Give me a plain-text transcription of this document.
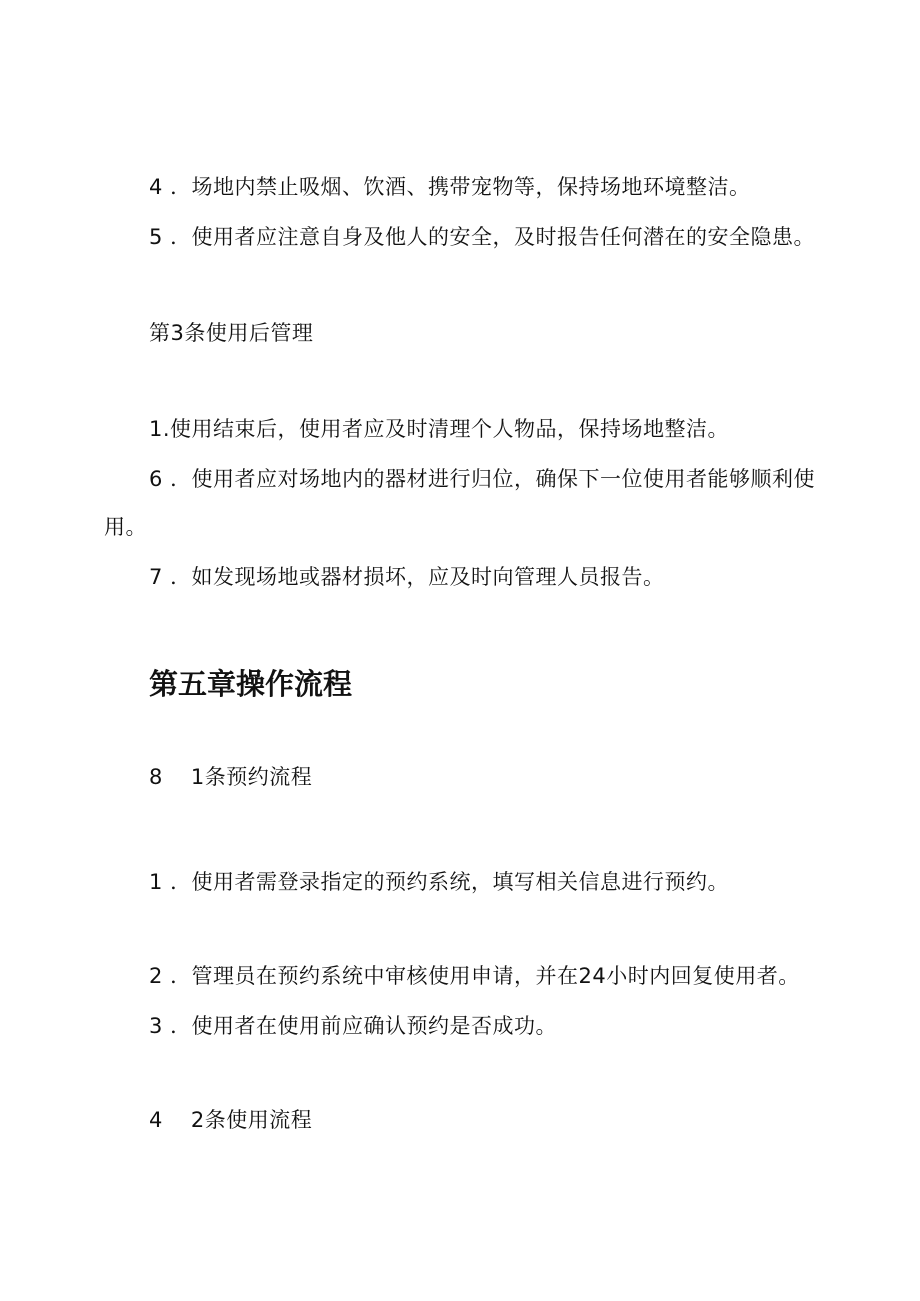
4 ．场地内禁止吸烟、饮酒、携带宠物等，保持场地环境整洁。
5 ．使用者应注意自身及他人的安全，及时报告任何潜在的安全隐患。
第3条使用后管理
1.使用结束后，使用者应及时清理个人物品，保持场地整洁。
6 ．使用者应对场地内的器材进行归位，确保下一位使用者能够顺利使
用。
7 ．如发现场地或器材损坏，应及时向管理人员报告。
第五章操作流程
8 1条预约流程
1 ．使用者需登录指定的预约系统，填写相关信息进行预约。
2 ．管理员在预约系统中审核使用申请，并在24小时内回复使用者。
3 ．使用者在使用前应确认预约是否成功。
4 2条使用流程
